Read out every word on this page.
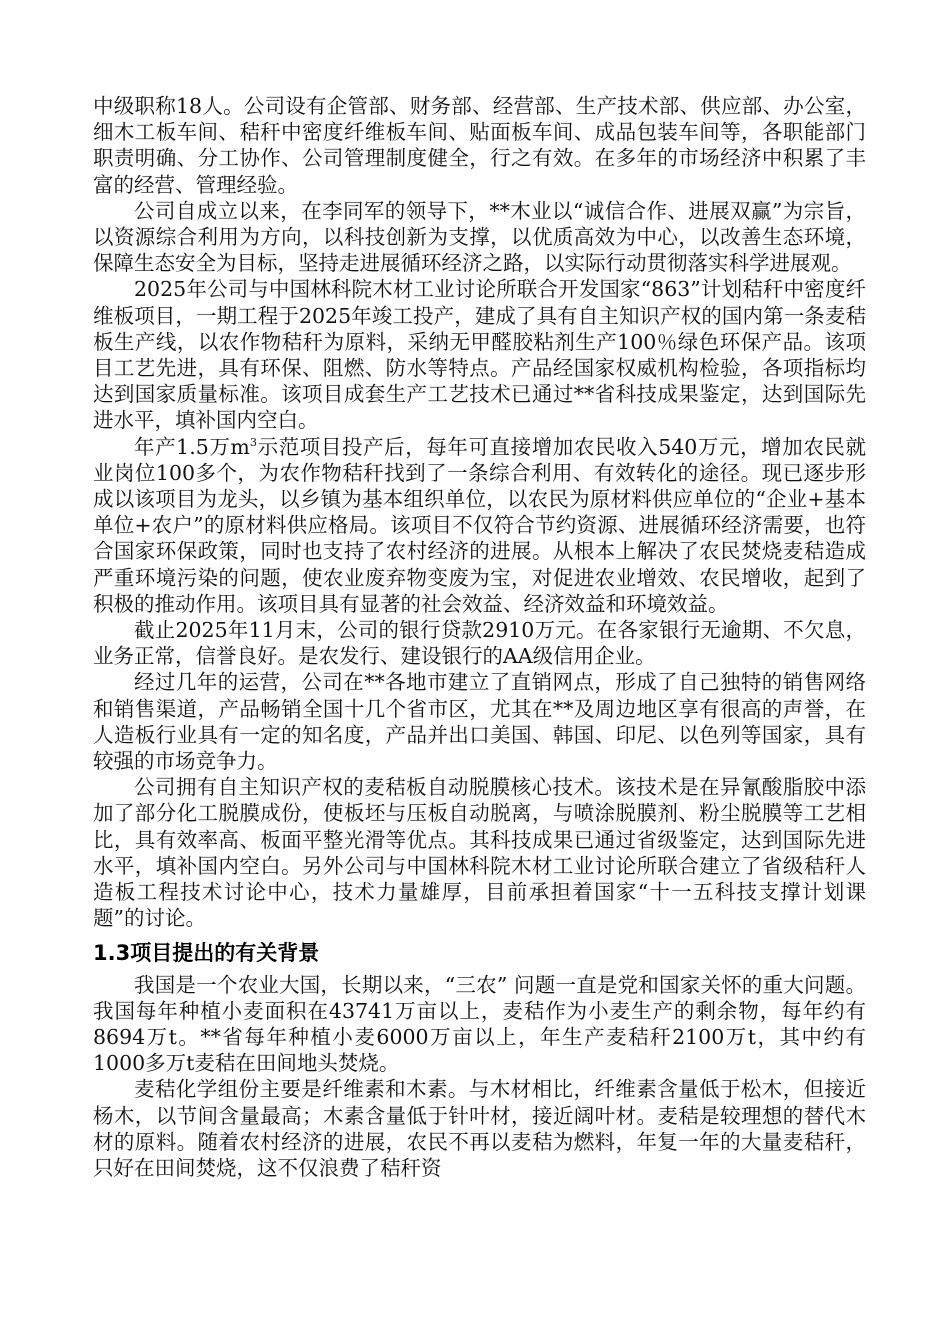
中级职称18人。公司设有企管部、财务部、经营部、生产技术部、供应部、办公室，细木工板车间、秸秆中密度纤维板车间、贴面板车间、成品包装车间等，各职能部门职责明确、分工协作、公司管理制度健全，行之有效。在多年的市场经济中积累了丰富的经营、管理经验。

公司自成立以来，在李同军的领导下，**木业以“诚信合作、进展双赢”为宗旨，以资源综合利用为方向，以科技创新为支撑，以优质高效为中心，以改善生态环境，保障生态安全为目标，坚持走进展循环经济之路，以实际行动贯彻落实科学进展观。

2025年公司与中国林科院木材工业讨论所联合开发国家“863”计划秸秆中密度纤维板项目，一期工程于2025年竣工投产，建成了具有自主知识产权的国内第一条麦秸板生产线，以农作物秸秆为原料，采纳无甲醛胶粘剂生产100％绿色环保产品。该项目工艺先进，具有环保、阻燃、防水等特点。产品经国家权威机构检验，各项指标均达到国家质量标准。该项目成套生产工艺技术已通过**省科技成果鉴定，达到国际先进水平，填补国内空白。

年产1.5万$m^3$示范项目投产后，每年可直接增加农民收入540万元，增加农民就业岗位100多个，为农作物秸秆找到了一条综合利用、有效转化的途径。现已逐步形成以该项目为龙头，以乡镇为基本组织单位，以农民为原材料供应单位的“企业+基本单位+农户”的原材料供应格局。该项目不仅符合节约资源、进展循环经济需要，也符合国家环保政策，同时也支持了农村经济的进展。从根本上解决了农民焚烧麦秸造成严重环境污染的问题，使农业废弃物变废为宝，对促进农业增效、农民增收，起到了积极的推动作用。该项目具有显著的社会效益、经济效益和环境效益。

截止2025年11月末，公司的银行贷款2910万元。在各家银行无逾期、不欠息，业务正常，信誉良好。是农发行、建设银行的AA级信用企业。

经过几年的运营，公司在**各地市建立了直销网点，形成了自己独特的销售网络和销售渠道，产品畅销全国十几个省市区，尤其在**及周边地区享有很高的声誉，在人造板行业具有一定的知名度，产品并出口美国、韩国、印尼、以色列等国家，具有较强的市场竞争力。

公司拥有自主知识产权的麦秸板自动脱膜核心技术。该技术是在异氰酸脂胶中添加了部分化工脱膜成份，使板坯与压板自动脱离，与喷涂脱膜剂、粉尘脱膜等工艺相比，具有效率高、板面平整光滑等优点。其科技成果已通过省级鉴定，达到国际先进水平，填补国内空白。另外公司与中国林科院木材工业讨论所联合建立了省级秸秆人造板工程技术讨论中心，技术力量雄厚，目前承担着国家“十一五科技支撑计划课题”的讨论。

1.3项目提出的有关背景

我国是一个农业大国，长期以来，“三农” 问题一直是党和国家关怀的重大问题。我国每年种植小麦面积在43741万亩以上，麦秸作为小麦生产的剩余物，每年约有8694万t。**省每年种植小麦6000万亩以上，年生产麦秸秆2100万t，其中约有1000多万t麦秸在田间地头焚烧。

麦秸化学组份主要是纤维素和木素。与木材相比，纤维素含量低于松木，但接近杨木，以节间含量最高；木素含量低于针叶材，接近阔叶材。麦秸是较理想的替代木材的原料。随着农村经济的进展，农民不再以麦秸为燃料，年复一年的大量麦秸秆，只好在田间焚烧，这不仅浪费了秸秆资
